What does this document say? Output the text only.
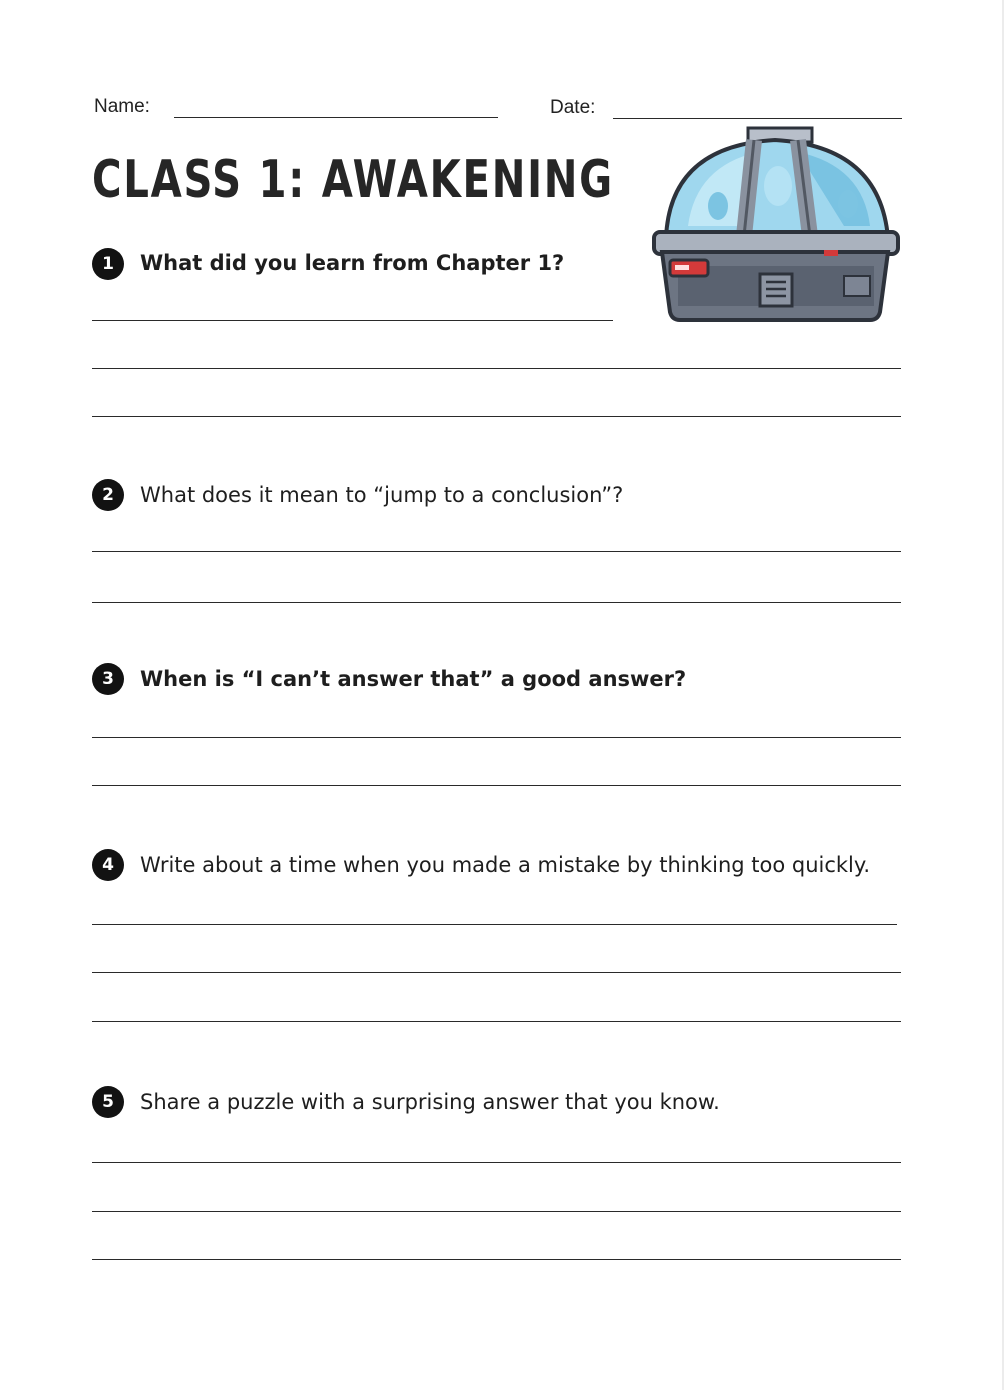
Name:	Date:
CLASS 1: AWAKENING
1	What did you learn from Chapter 1?
2	What does it mean to “jump to a conclusion”?
3	When is “I can’t answer that” a good answer?
4	Write about a time when you made a mistake by thinking too quickly.
5	Share a puzzle with a surprising answer that you know.
